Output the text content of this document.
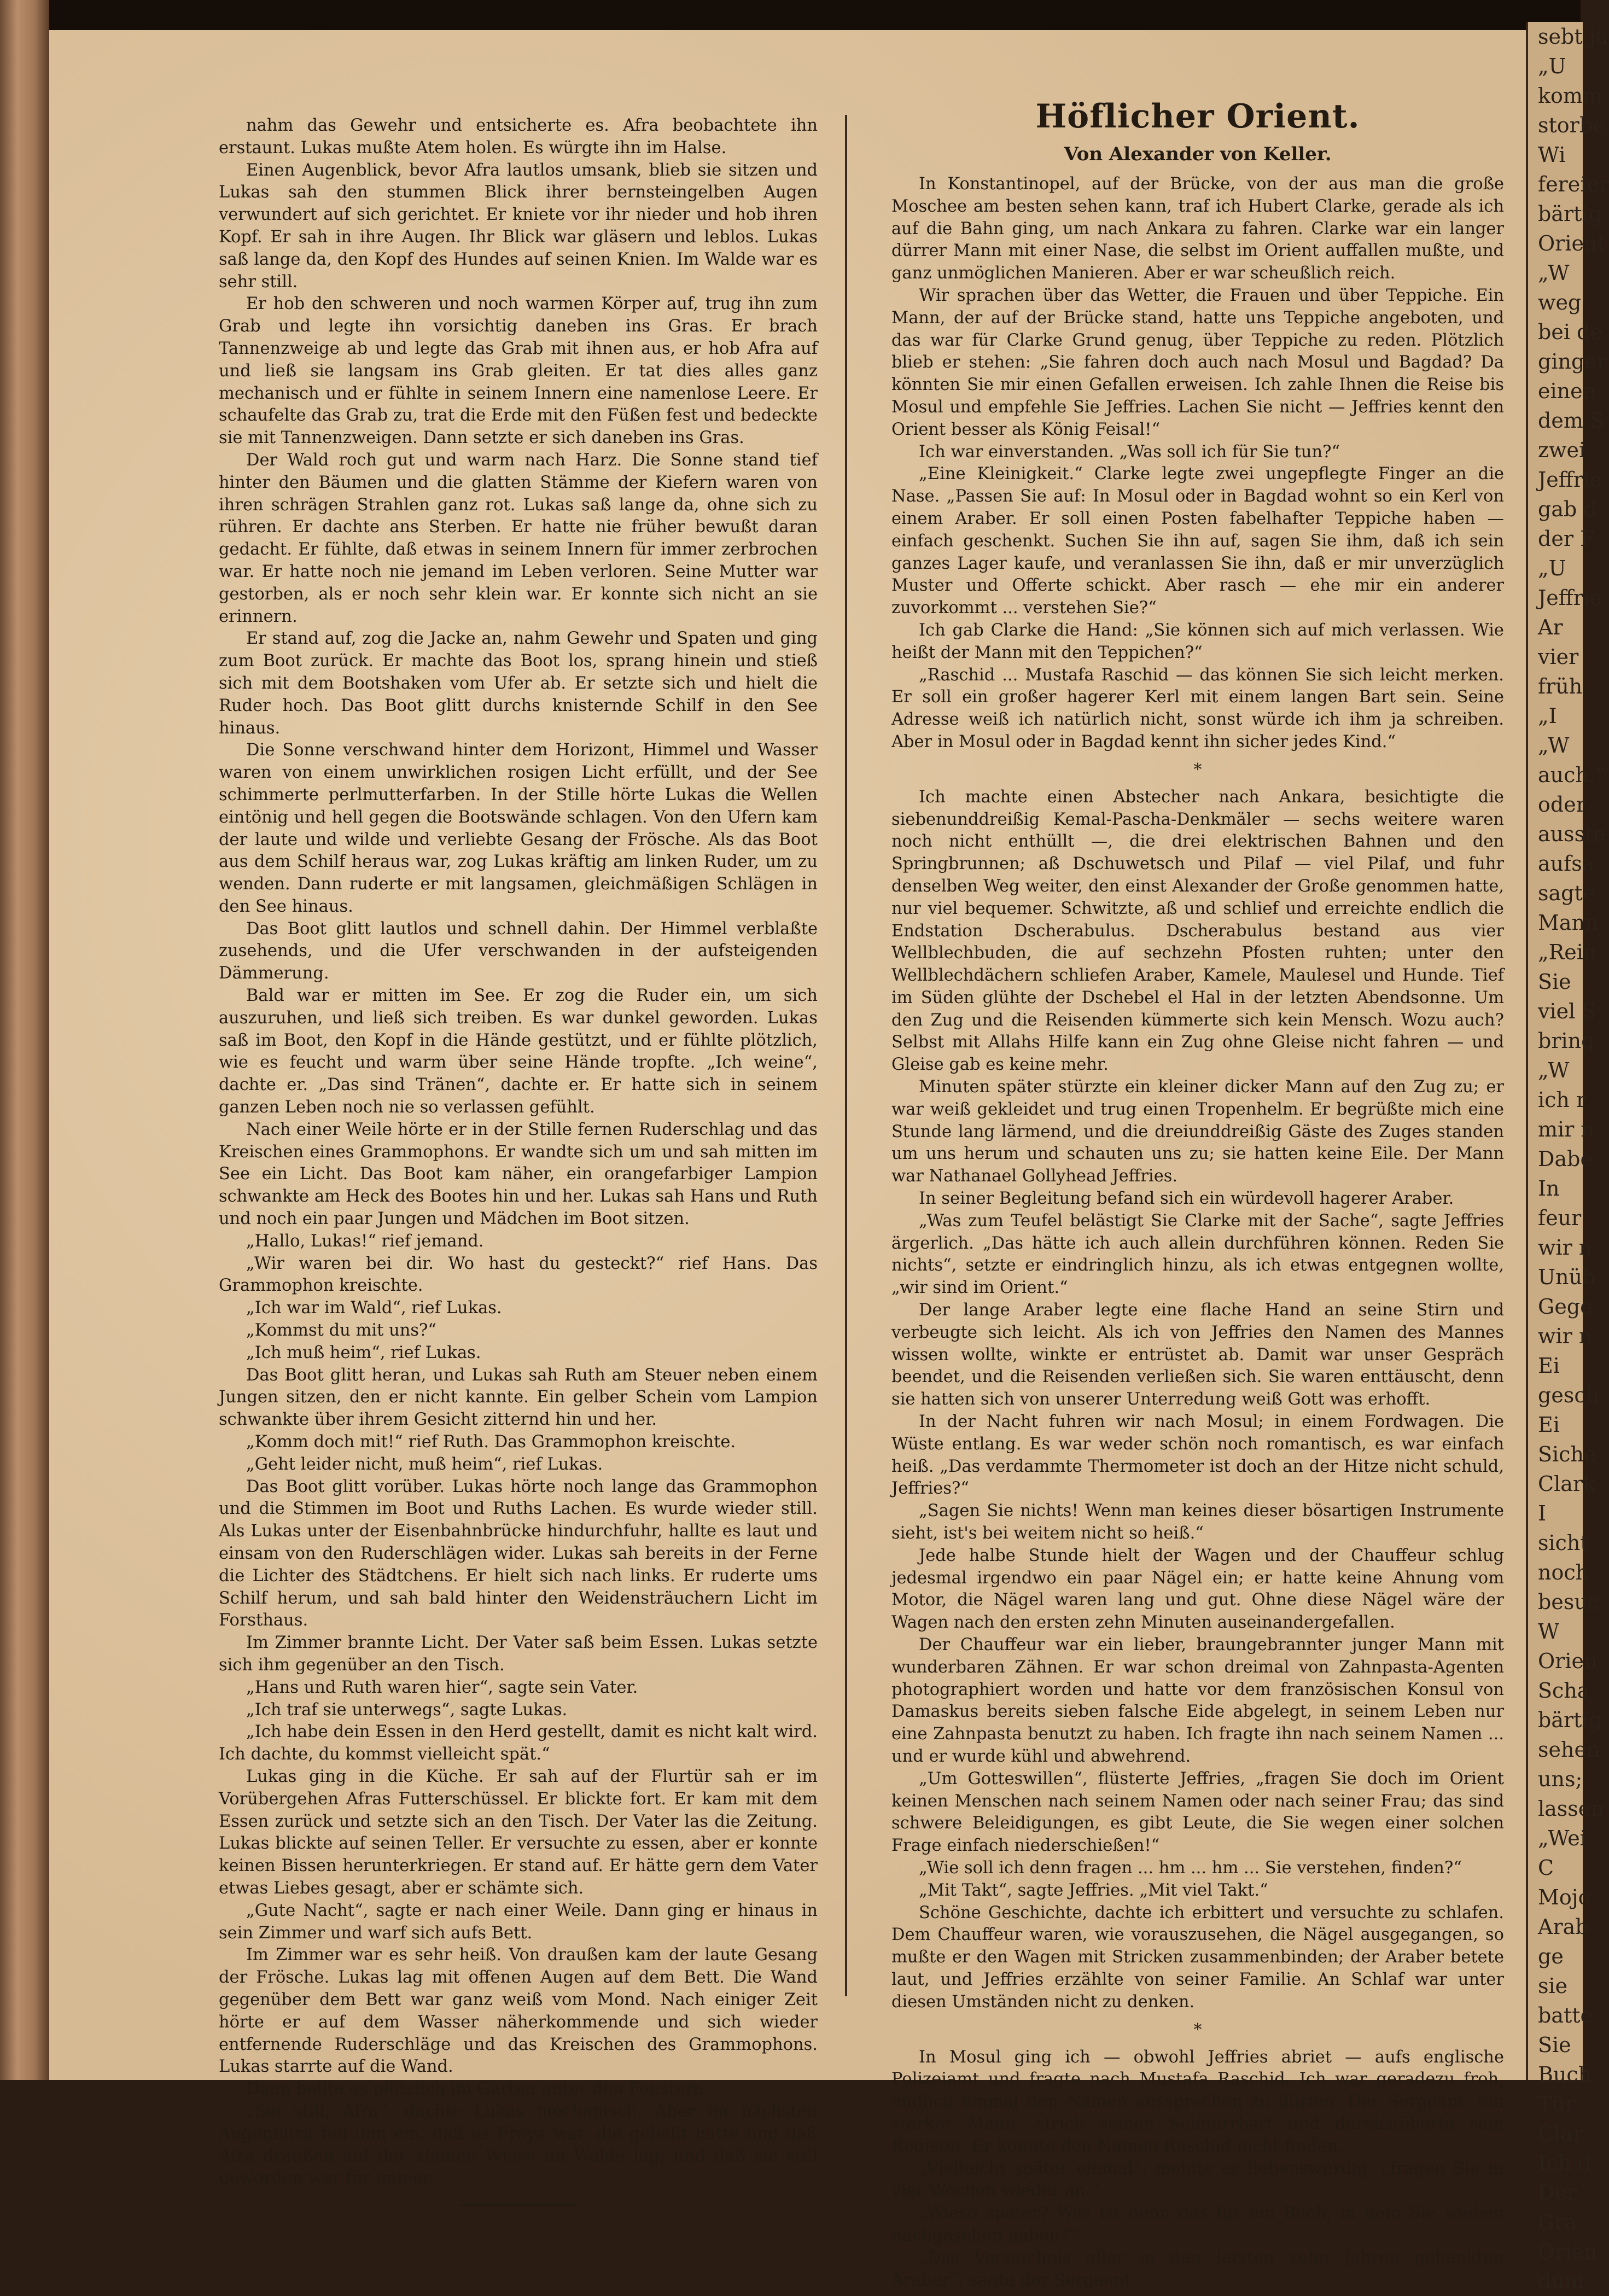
nahm das Gewehr und entsicherte es. Afra beobachtete ihn erstaunt. Lukas mußte Atem holen. Es würgte ihn im Halse.

Einen Augenblick, bevor Afra lautlos umsank, blieb sie sitzen und Lukas sah den stummen Blick ihrer bernsteingelben Augen verwundert auf sich gerichtet. Er kniete vor ihr nieder und hob ihren Kopf. Er sah in ihre Augen. Ihr Blick war gläsern und leblos. Lukas saß lange da, den Kopf des Hundes auf seinen Knien. Im Walde war es sehr still.

Er hob den schweren und noch warmen Körper auf, trug ihn zum Grab und legte ihn vorsichtig daneben ins Gras. Er brach Tannenzweige ab und legte das Grab mit ihnen aus, er hob Afra auf und ließ sie langsam ins Grab gleiten. Er tat dies alles ganz mechanisch und er fühlte in seinem Innern eine namenlose Leere. Er schaufelte das Grab zu, trat die Erde mit den Füßen fest und bedeckte sie mit Tannenzweigen. Dann setzte er sich daneben ins Gras.

Der Wald roch gut und warm nach Harz. Die Sonne stand tief hinter den Bäumen und die glatten Stämme der Kiefern waren von ihren schrägen Strahlen ganz rot. Lukas saß lange da, ohne sich zu rühren. Er dachte ans Sterben. Er hatte nie früher bewußt daran gedacht. Er fühlte, daß etwas in seinem Innern für immer zerbrochen war. Er hatte noch nie jemand im Leben verloren. Seine Mutter war gestorben, als er noch sehr klein war. Er konnte sich nicht an sie erinnern.

Er stand auf, zog die Jacke an, nahm Gewehr und Spaten und ging zum Boot zurück. Er machte das Boot los, sprang hinein und stieß sich mit dem Bootshaken vom Ufer ab. Er setzte sich und hielt die Ruder hoch. Das Boot glitt durchs knisternde Schilf in den See hinaus.

Die Sonne verschwand hinter dem Horizont, Himmel und Wasser waren von einem unwirklichen rosigen Licht erfüllt, und der See schimmerte perlmutterfarben. In der Stille hörte Lukas die Wellen eintönig und hell gegen die Bootswände schlagen. Von den Ufern kam der laute und wilde und verliebte Gesang der Frösche. Als das Boot aus dem Schilf heraus war, zog Lukas kräftig am linken Ruder, um zu wenden. Dann ruderte er mit langsamen, gleichmäßigen Schlägen in den See hinaus.

Das Boot glitt lautlos und schnell dahin. Der Himmel verblaßte zusehends, und die Ufer verschwanden in der aufsteigenden Dämmerung.

Bald war er mitten im See. Er zog die Ruder ein, um sich auszuruhen, und ließ sich treiben. Es war dunkel geworden. Lukas saß im Boot, den Kopf in die Hände gestützt, und er fühlte plötzlich, wie es feucht und warm über seine Hände tropfte. „Ich weine“, dachte er. „Das sind Tränen“, dachte er. Er hatte sich in seinem ganzen Leben noch nie so verlassen gefühlt.

Nach einer Weile hörte er in der Stille fernen Ruderschlag und das Kreischen eines Grammophons. Er wandte sich um und sah mitten im See ein Licht. Das Boot kam näher, ein orangefarbiger Lampion schwankte am Heck des Bootes hin und her. Lukas sah Hans und Ruth und noch ein paar Jungen und Mädchen im Boot sitzen.

„Hallo, Lukas!“ rief jemand.

„Wir waren bei dir. Wo hast du gesteckt?“ rief Hans. Das Grammophon kreischte.

„Ich war im Wald“, rief Lukas.

„Kommst du mit uns?“

„Ich muß heim“, rief Lukas.

Das Boot glitt heran, und Lukas sah Ruth am Steuer neben einem Jungen sitzen, den er nicht kannte. Ein gelber Schein vom Lampion schwankte über ihrem Gesicht zitternd hin und her.

„Komm doch mit!“ rief Ruth. Das Grammophon kreischte.

„Geht leider nicht, muß heim“, rief Lukas.

Das Boot glitt vorüber. Lukas hörte noch lange das Grammophon und die Stimmen im Boot und Ruths Lachen. Es wurde wieder still. Als Lukas unter der Eisenbahnbrücke hindurchfuhr, hallte es laut und einsam von den Ruderschlägen wider. Lukas sah bereits in der Ferne die Lichter des Städtchens. Er hielt sich nach links. Er ruderte ums Schilf herum, und sah bald hinter den Weidensträuchern Licht im Forsthaus.

Im Zimmer brannte Licht. Der Vater saß beim Essen. Lukas setzte sich ihm gegenüber an den Tisch.

„Hans und Ruth waren hier“, sagte sein Vater.

„Ich traf sie unterwegs“, sagte Lukas.

„Ich habe dein Essen in den Herd gestellt, damit es nicht kalt wird. Ich dachte, du kommst vielleicht spät.“

Lukas ging in die Küche. Er sah auf der Flurtür sah er im Vorübergehen Afras Futterschüssel. Er blickte fort. Er kam mit dem Essen zurück und setzte sich an den Tisch. Der Vater las die Zeitung. Lukas blickte auf seinen Teller. Er versuchte zu essen, aber er konnte keinen Bissen herunterkriegen. Er stand auf. Er hätte gern dem Vater etwas Liebes gesagt, aber er schämte sich.

„Gute Nacht“, sagte er nach einer Weile. Dann ging er hinaus in sein Zimmer und warf sich aufs Bett.

Im Zimmer war es sehr heiß. Von draußen kam der laute Gesang der Frösche. Lukas lag mit offenen Augen auf dem Bett. Die Wand gegenüber dem Bett war ganz weiß vom Mond. Nach einiger Zeit hörte er auf dem Wasser näherkommende und sich wieder entfernende Ruderschläge und das Kreischen des Grammophons. Lukas starrte auf die Wand.

Dann bellte es plötzlich im Garten unter den Fenstern.

„Sei still, Afra“, dachte Lukas mechanisch. Aber im nächsten Augenblick fiel ihm ein, daß es Freya war, die gebellt hatte und daß Afra draußen auf der kleinen Wiese im Walde lag, und daß sie still geworden war für immer.

Höflicher Orient.
Von Alexander von Keller.

In Konstantinopel, auf der Brücke, von der aus man die große Moschee am besten sehen kann, traf ich Hubert Clarke, gerade als ich auf die Bahn ging, um nach Ankara zu fahren. Clarke war ein langer dürrer Mann mit einer Nase, die selbst im Orient auffallen mußte, und ganz unmöglichen Manieren. Aber er war scheußlich reich.

Wir sprachen über das Wetter, die Frauen und über Teppiche. Ein Mann, der auf der Brücke stand, hatte uns Teppiche angeboten, und das war für Clarke Grund genug, über Teppiche zu reden. Plötzlich blieb er stehen: „Sie fahren doch auch nach Mosul und Bagdad? Da könnten Sie mir einen Gefallen erweisen. Ich zahle Ihnen die Reise bis Mosul und empfehle Sie Jeffries. Lachen Sie nicht — Jeffries kennt den Orient besser als König Feisal!“

Ich war einverstanden. „Was soll ich für Sie tun?“

„Eine Kleinigkeit.“ Clarke legte zwei ungepflegte Finger an die Nase. „Passen Sie auf: In Mosul oder in Bagdad wohnt so ein Kerl von einem Araber. Er soll einen Posten fabelhafter Teppiche haben — einfach geschenkt. Suchen Sie ihn auf, sagen Sie ihm, daß ich sein ganzes Lager kaufe, und veranlassen Sie ihn, daß er mir unverzüglich Muster und Offerte schickt. Aber rasch — ehe mir ein anderer zuvorkommt ... verstehen Sie?“

Ich gab Clarke die Hand: „Sie können sich auf mich verlassen. Wie heißt der Mann mit den Teppichen?“

„Raschid ... Mustafa Raschid — das können Sie sich leicht merken. Er soll ein großer hagerer Kerl mit einem langen Bart sein. Seine Adresse weiß ich natürlich nicht, sonst würde ich ihm ja schreiben. Aber in Mosul oder in Bagdad kennt ihn sicher jedes Kind.“

*

Ich machte einen Abstecher nach Ankara, besichtigte die siebenunddreißig Kemal-Pascha-Denkmäler — sechs weitere waren noch nicht enthüllt —, die drei elektrischen Bahnen und den Springbrunnen; aß Dschuwetsch und Pilaf — viel Pilaf, und fuhr denselben Weg weiter, den einst Alexander der Große genommen hatte, nur viel bequemer. Schwitzte, aß und schlief und erreichte endlich die Endstation Dscherabulus. Dscherabulus bestand aus vier Wellblechbuden, die auf sechzehn Pfosten ruhten; unter den Wellblechdächern schliefen Araber, Kamele, Maulesel und Hunde. Tief im Süden glühte der Dschebel el Hal in der letzten Abendsonne. Um den Zug und die Reisenden kümmerte sich kein Mensch. Wozu auch? Selbst mit Allahs Hilfe kann ein Zug ohne Gleise nicht fahren — und Gleise gab es keine mehr.

Minuten später stürzte ein kleiner dicker Mann auf den Zug zu; er war weiß gekleidet und trug einen Tropenhelm. Er begrüßte mich eine Stunde lang lärmend, und die dreiunddreißig Gäste des Zuges standen um uns herum und schauten uns zu; sie hatten keine Eile. Der Mann war Nathanael Gollyhead Jeffries.

In seiner Begleitung befand sich ein würdevoll hagerer Araber.

„Was zum Teufel belästigt Sie Clarke mit der Sache“, sagte Jeffries ärgerlich. „Das hätte ich auch allein durchführen können. Reden Sie nichts“, setzte er eindringlich hinzu, als ich etwas entgegnen wollte, „wir sind im Orient.“

Der lange Araber legte eine flache Hand an seine Stirn und verbeugte sich leicht. Als ich von Jeffries den Namen des Mannes wissen wollte, winkte er entrüstet ab. Damit war unser Gespräch beendet, und die Reisenden verließen sich. Sie waren enttäuscht, denn sie hatten sich von unserer Unterredung weiß Gott was erhofft.

In der Nacht fuhren wir nach Mosul; in einem Fordwagen. Die Wüste entlang. Es war weder schön noch romantisch, es war einfach heiß. „Das verdammte Thermometer ist doch an der Hitze nicht schuld, Jeffries?“

„Sagen Sie nichts! Wenn man keines dieser bösartigen Instrumente sieht, ist's bei weitem nicht so heiß.“

Jede halbe Stunde hielt der Wagen und der Chauffeur schlug jedesmal irgendwo ein paar Nägel ein; er hatte keine Ahnung vom Motor, die Nägel waren lang und gut. Ohne diese Nägel wäre der Wagen nach den ersten zehn Minuten auseinandergefallen.

Der Chauffeur war ein lieber, braungebrannter junger Mann mit wunderbaren Zähnen. Er war schon dreimal von Zahnpasta-Agenten photographiert worden und hatte vor dem französischen Konsul von Damaskus bereits sieben falsche Eide abgelegt, in seinem Leben nur eine Zahnpasta benutzt zu haben. Ich fragte ihn nach seinem Namen ... und er wurde kühl und abwehrend.

„Um Gotteswillen“, flüsterte Jeffries, „fragen Sie doch im Orient keinen Menschen nach seinem Namen oder nach seiner Frau; das sind schwere Beleidigungen, es gibt Leute, die Sie wegen einer solchen Frage einfach niederschießen!“

„Wie soll ich denn fragen ... hm ... hm ... Sie verstehen, finden?“

„Mit Takt“, sagte Jeffries. „Mit viel Takt.“

Schöne Geschichte, dachte ich erbittert und versuchte zu schlafen. Dem Chauffeur waren, wie vorauszusehen, die Nägel ausgegangen, so mußte er den Wagen mit Stricken zusammenbinden; der Araber betete laut, und Jeffries erzählte von seiner Familie. An Schlaf war unter diesen Umständen nicht zu denken.

*

In Mosul ging ich — obwohl Jeffries abriet — aufs englische Polizeiamt und fragte nach Mustafa Raschid. Ich war geradezu froh, endlich einmal den Namen aussprechen zu dürfen. Der Sergeant, ein starker Mann, strich seinen Schnurrbart und durchstöberte sein Register. Er konnte den Namen Raschid nicht finden.

„Vielleicht später einmal“, meinte er liebenswürdig, „fragen Sie in vier Wochen wieder an.“

„Wieso später? Was ist denn das für ein Buch, in dem Sie soeben nachgesehen haben?“

„Das Verzeichnis aller in den letzten zehn Jahren gehenkten Araber“, sagte der Sergeant.

sebt ja
„U
komm
storbe
Wi
fereier
bärtig
Orient
„W
weg
bei de
ginger
einen
dem S
zwei
Jeffrie
gab d
der F
„U
Jeffrie
Ar
vier
früh
„I
„W
auch.“
oder
ausste
aufsa
sagte
Mann
„Rein
Sie
viel S
bring
„W
ich r
mir n
Dabe
In
feur
wir n
Unüb
Gege
wir n
Ei
gesch
Ei
Siche
Clark
I
sicht
noch
besuc
W
Orien
Scha
bärtig
sehen
uns;
lassen
„Wei
C
Mojo
Arab
ge
sie
batte
Sie
Buch
Tür
Clar
Ich d
Der
Gra
Orien
dum
